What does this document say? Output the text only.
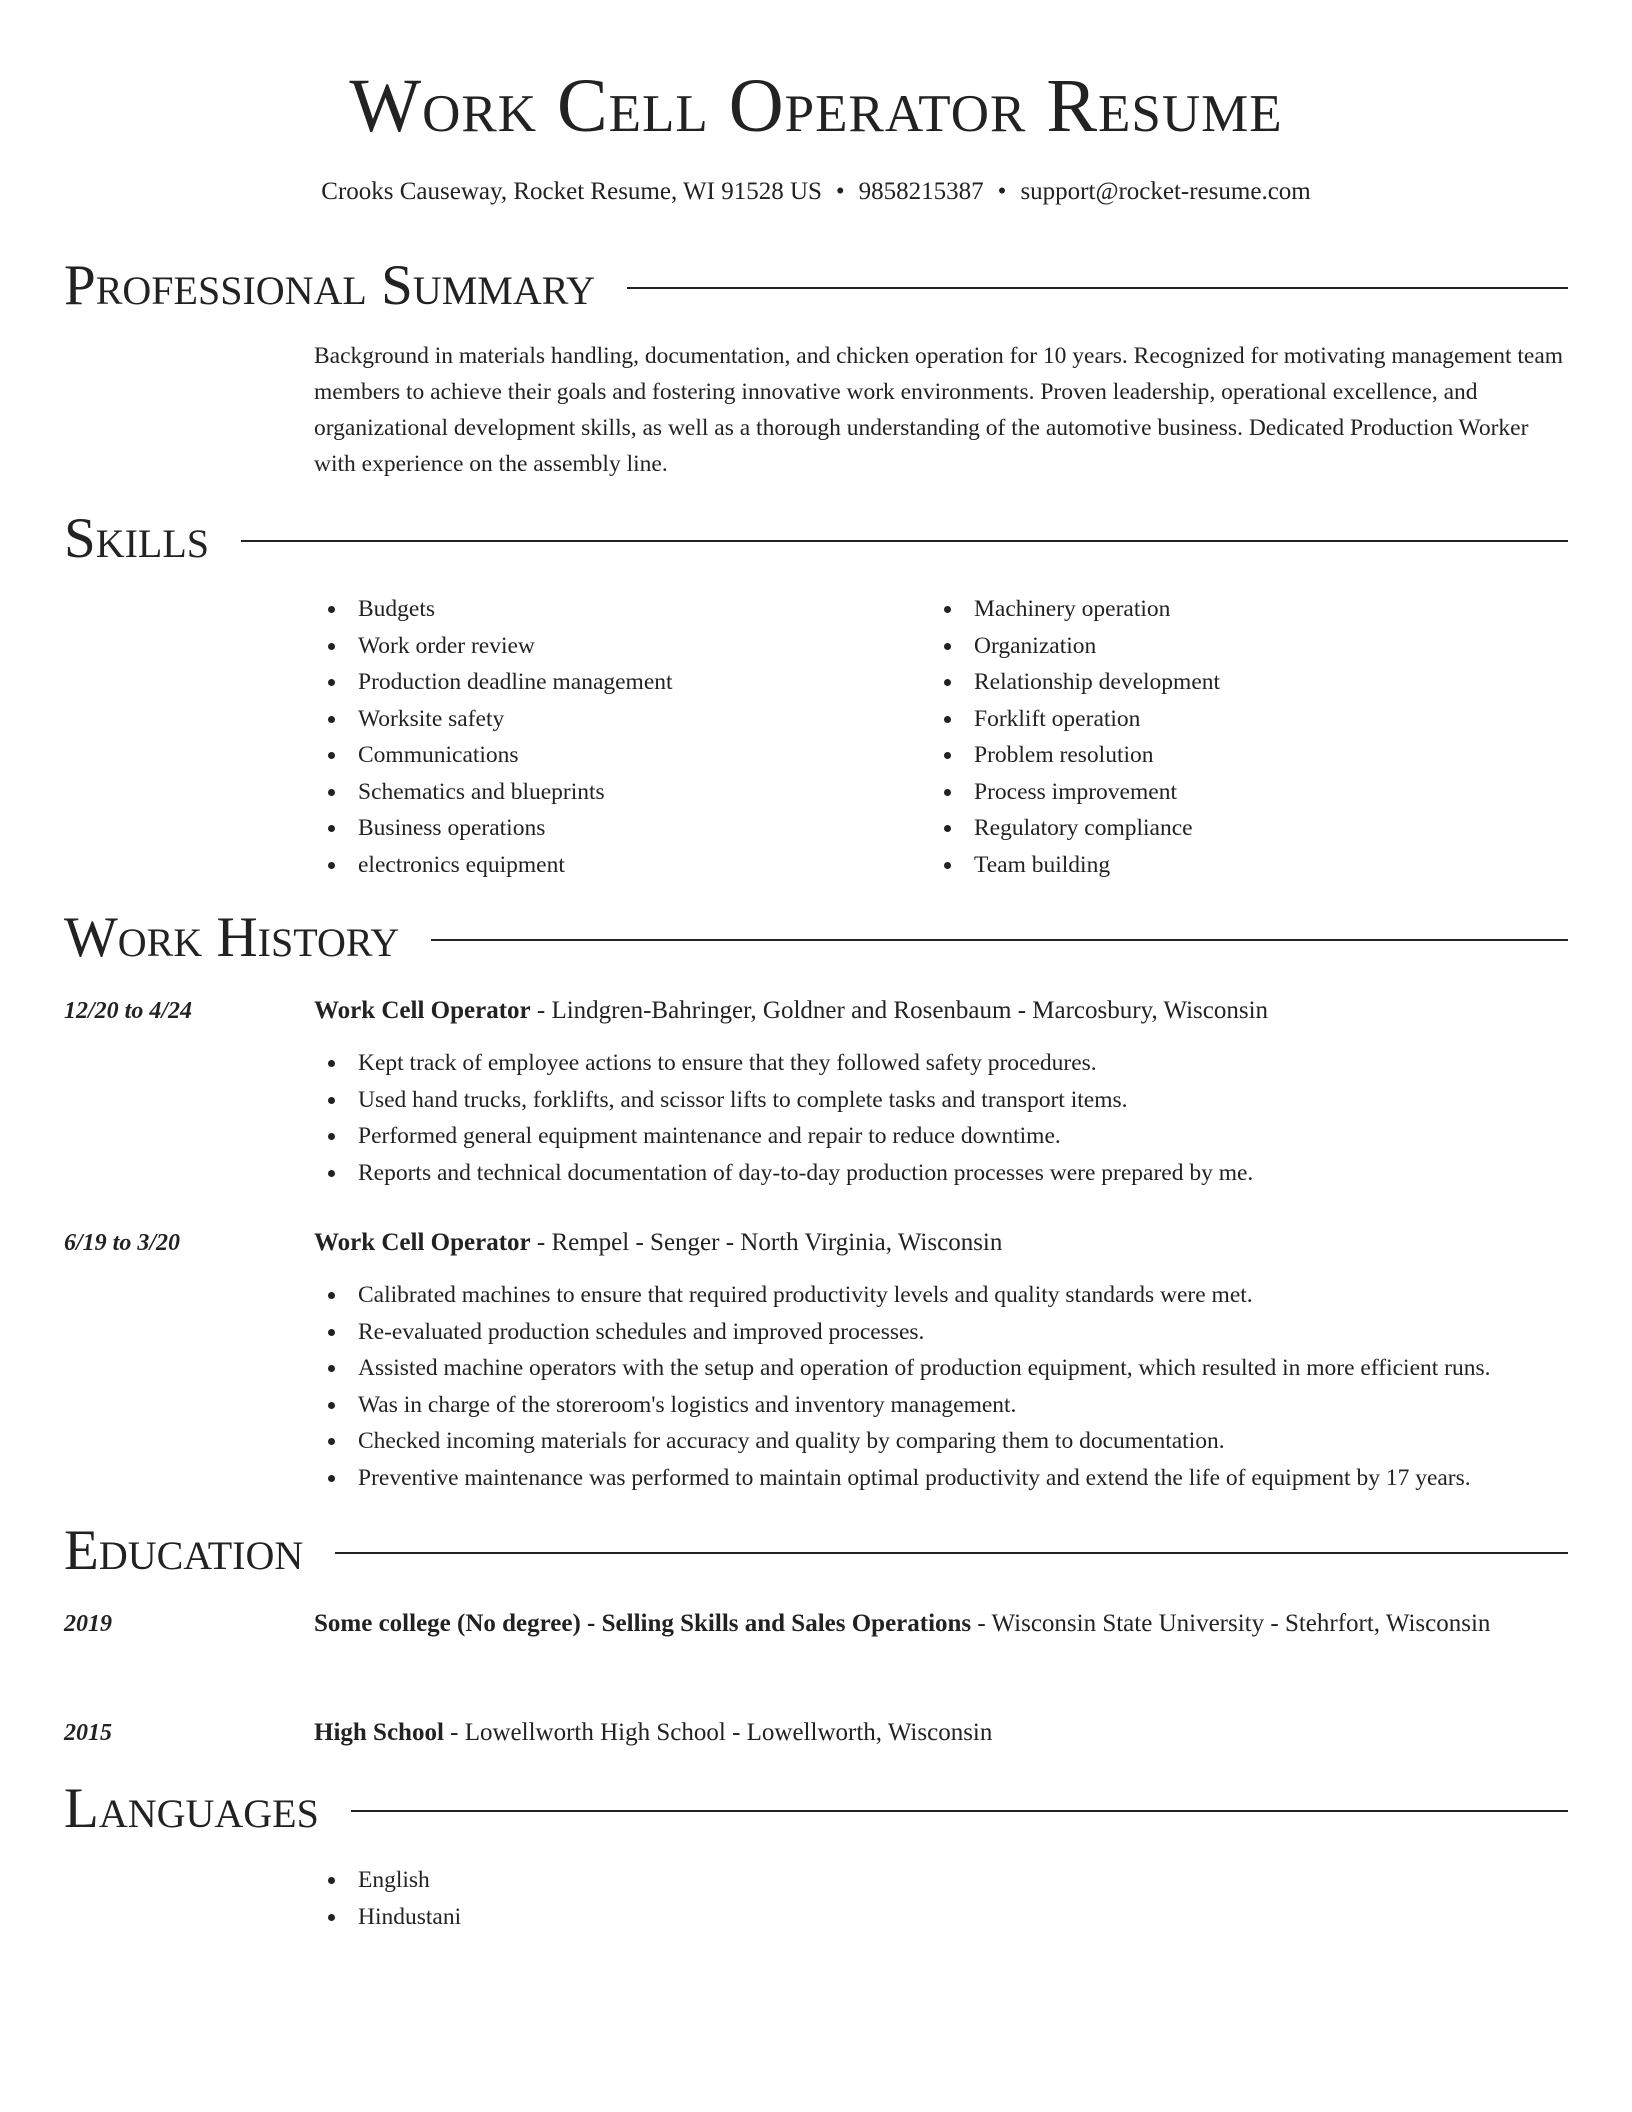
Work Cell Operator Resume
Crooks Causeway, Rocket Resume, WI 91528 US • 9858215387 • support@rocket-resume.com
Professional Summary

Background in materials handling, documentation, and chicken operation for 10 years. Recognized for motivating management team members to achieve their goals and fostering innovative work environments. Proven leadership, operational excellence, and organizational development skills, as well as a thorough understanding of the automotive business. Dedicated Production Worker with experience on the assembly line.

Skills
Budgets
Work order review
Production deadline management
Worksite safety
Communications
Schematics and blueprints
Business operations
electronics equipment
Machinery operation
Organization
Relationship development
Forklift operation
Problem resolution
Process improvement
Regulatory compliance
Team building
Work History
12/20 to 4/24	Work Cell Operator - Lindgren-Bahringer, Goldner and Rosenbaum - Marcosbury, Wisconsin
Kept track of employee actions to ensure that they followed safety procedures.
Used hand trucks, forklifts, and scissor lifts to complete tasks and transport items.
Performed general equipment maintenance and repair to reduce downtime.
Reports and technical documentation of day-to-day production processes were prepared by me.
6/19 to 3/20	Work Cell Operator - Rempel - Senger - North Virginia, Wisconsin
Calibrated machines to ensure that required productivity levels and quality standards were met.
Re-evaluated production schedules and improved processes.
Assisted machine operators with the setup and operation of production equipment, which resulted in more efficient runs.
Was in charge of the storeroom's logistics and inventory management.
Checked incoming materials for accuracy and quality by comparing them to documentation.
Preventive maintenance was performed to maintain optimal productivity and extend the life of equipment by 17 years.
Education
2019	Some college (No degree) - Selling Skills and Sales Operations - Wisconsin State University - Stehrfort, Wisconsin
2015	High School - Lowellworth High School - Lowellworth, Wisconsin
Languages
English
Hindustani
